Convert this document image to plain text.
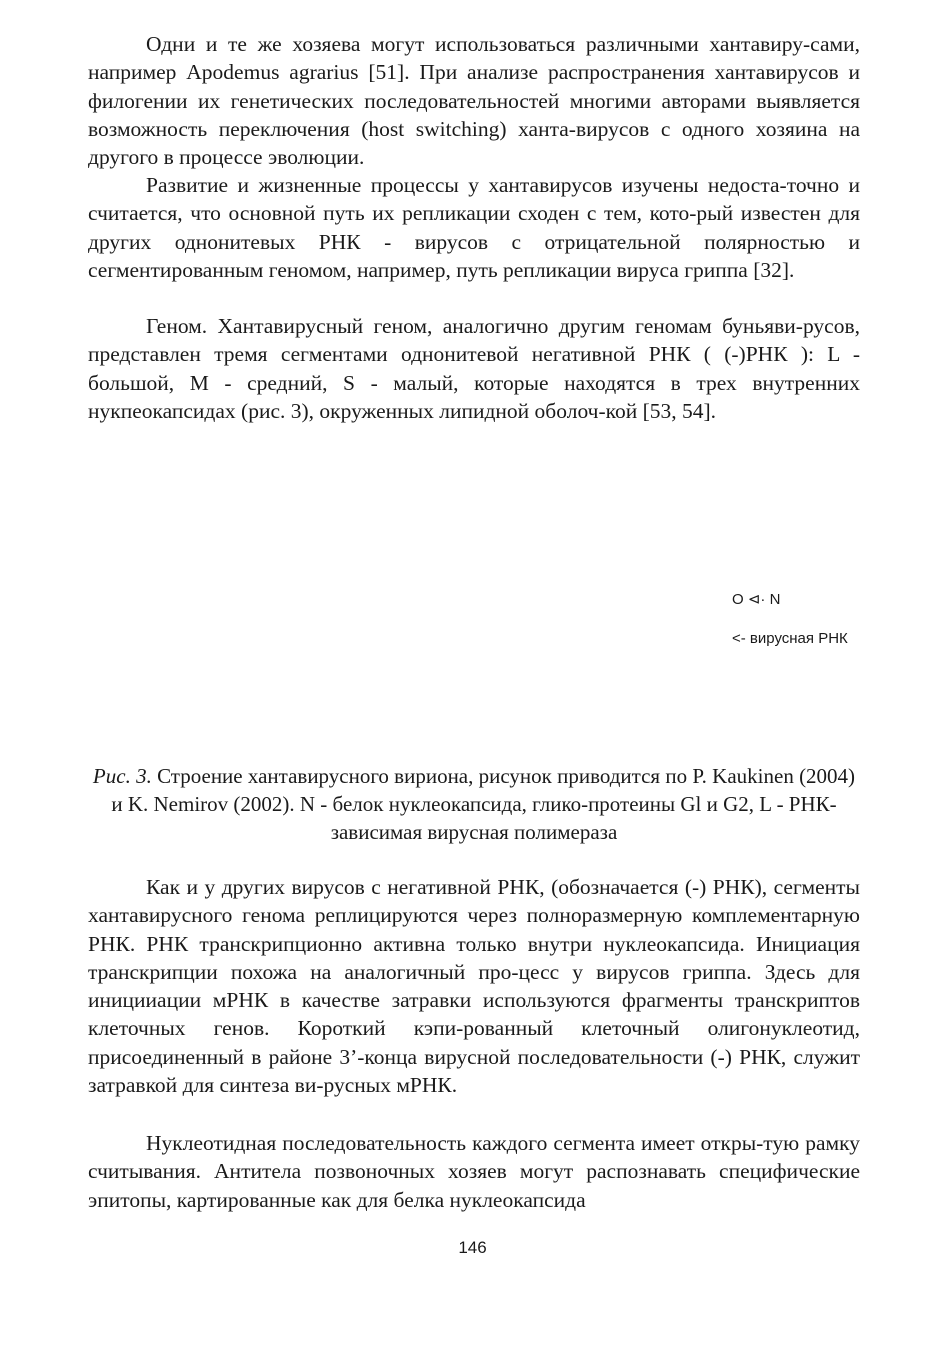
Одни и те же хозяева могут использоваться различными хантавиру-сами, например Apodemus agrarius [51]. При анализе распространения хантавирусов и филогении их генетических последовательностей многими авторами выявляется возможность переключения (host switching) ханта-вирусов с одного хозяина на другого в процессе эволюции.

Развитие и жизненные процессы у хантавирусов изучены недоста-точно и считается, что основной путь их репликации сходен с тем, кото-рый известен для других однонитевых РНК - вирусов с отрицательной полярностью и сегментированным геномом, например, путь репликации вируса гриппа [32].

Геном. Хантавирусный геном, аналогично другим геномам буньяви-русов, представлен тремя сегментами однонитевой негативной РНК ( (-)РНК ): L - большой, M - средний, S - малый, которые находятся в трех внутренних нукпеокапсидах (рис. 3), окруженных липидной оболоч-кой [53, 54].

O ⊲· N
<- вирусная РНК

Рис. 3. Строение хантавирусного вириона, рисунок приводится по P. Kaukinen (2004) и K. Nemirov (2002). N - белок нуклеокапсида, глико-протеины Gl и G2, L - РНК-зависимая вирусная полимераза

Как и у других вирусов с негативной РНК, (обозначается (-) РНК), сегменты хантавирусного генома реплицируются через полноразмерную комплементарную РНК. РНК транскрипционно активна только внутри нуклеокапсида. Инициация транскрипции похожа на аналогичный про-цесс у вирусов гриппа. Здесь для иницииации мРНК в качестве затравки используются фрагменты транскриптов клеточных генов. Короткий кэпи-рованный клеточный олигонуклеотид, присоединенный в районе 3’-конца вирусной последовательности (-) РНК, служит затравкой для синтеза ви-русных мРНК.

Нуклеотидная последовательность каждого сегмента имеет откры-тую рамку считывания. Антитела позвоночных хозяев могут распознавать специфические эпитопы, картированные как для белка нуклеокапсида

146
